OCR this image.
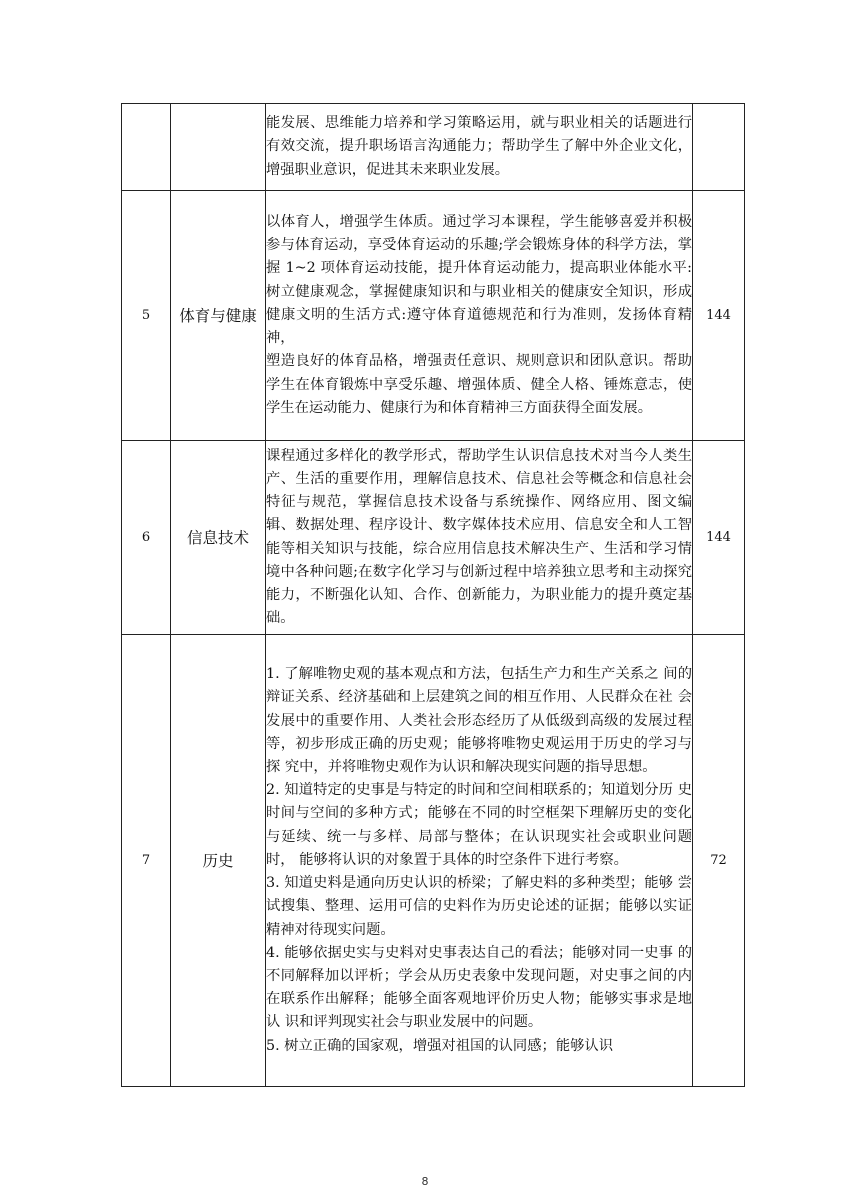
		能发展、思维能力培养和学习策略运用，就与职业相关的话题进行有效交流，提升职场语言沟通能力；帮助学生了解中外企业文化，增强职业意识，促进其未来职业发展。	

5	体育与健康	以体育人，增强学生体质。通过学习本课程，学生能够喜爱并积极参与体育运动，享受体育运动的乐趣;学会锻炼身体的科学方法，掌握 1~2 项体育运动技能，提升体育运动能力，提高职业体能水平:树立健康观念，掌握健康知识和与职业相关的健康安全知识，形成健康文明的生活方式:遵守体育道德规范和行为准则，发扬体育精神，
塑造良好的体育品格，增强责任意识、规则意识和团队意识。帮助学生在体育锻炼中享受乐趣、增强体质、健全人格、锤炼意志，使学生在运动能力、健康行为和体育精神三方面获得全面发展。	144
6	信息技术	课程通过多样化的教学形式，帮助学生认识信息技术对当今人类生产、生活的重要作用，理解信息技术、信息社会等概念和信息社会特征与规范，掌握信息技术设备与系统操作、网络应用、图文编辑、数据处理、程序设计、数字媒体技术应用、信息安全和人工智能等相关知识与技能，综合应用信息技术解决生产、生活和学习情境中各种问题;在数字化学习与创新过程中培养独立思考和主动探究能力，不断强化认知、合作、创新能力，为职业能力的提升奠定基础。	144
7	历史	1. 了解唯物史观的基本观点和方法，包括生产力和生产关系之 间的辩证关系、经济基础和上层建筑之间的相互作用、人民群众在社 会发展中的重要作用、人类社会形态经历了从低级到高级的发展过程 等，初步形成正确的历史观；能够将唯物史观运用于历史的学习与探 究中，并将唯物史观作为认识和解决现实问题的指导思想。
2. 知道特定的史事是与特定的时间和空间相联系的；知道划分历 史时间与空间的多种方式；能够在不同的时空框架下理解历史的变化 与延续、统一与多样、局部与整体；在认识现实社会或职业问题时， 能够将认识的对象置于具体的时空条件下进行考察。
3. 知道史料是通向历史认识的桥梁；了解史料的多种类型；能够 尝试搜集、整理、运用可信的史料作为历史论述的证据；能够以实证 精神对待现实问题。
4. 能够依据史实与史料对史事表达自己的看法；能够对同一史事 的不同解释加以评析；学会从历史表象中发现问题，对史事之间的内 在联系作出解释；能够全面客观地评价历史人物；能够实事求是地认 识和评判现实社会与职业发展中的问题。
5. 树立正确的国家观，增强对祖国的认同感；能够认识	72
8
